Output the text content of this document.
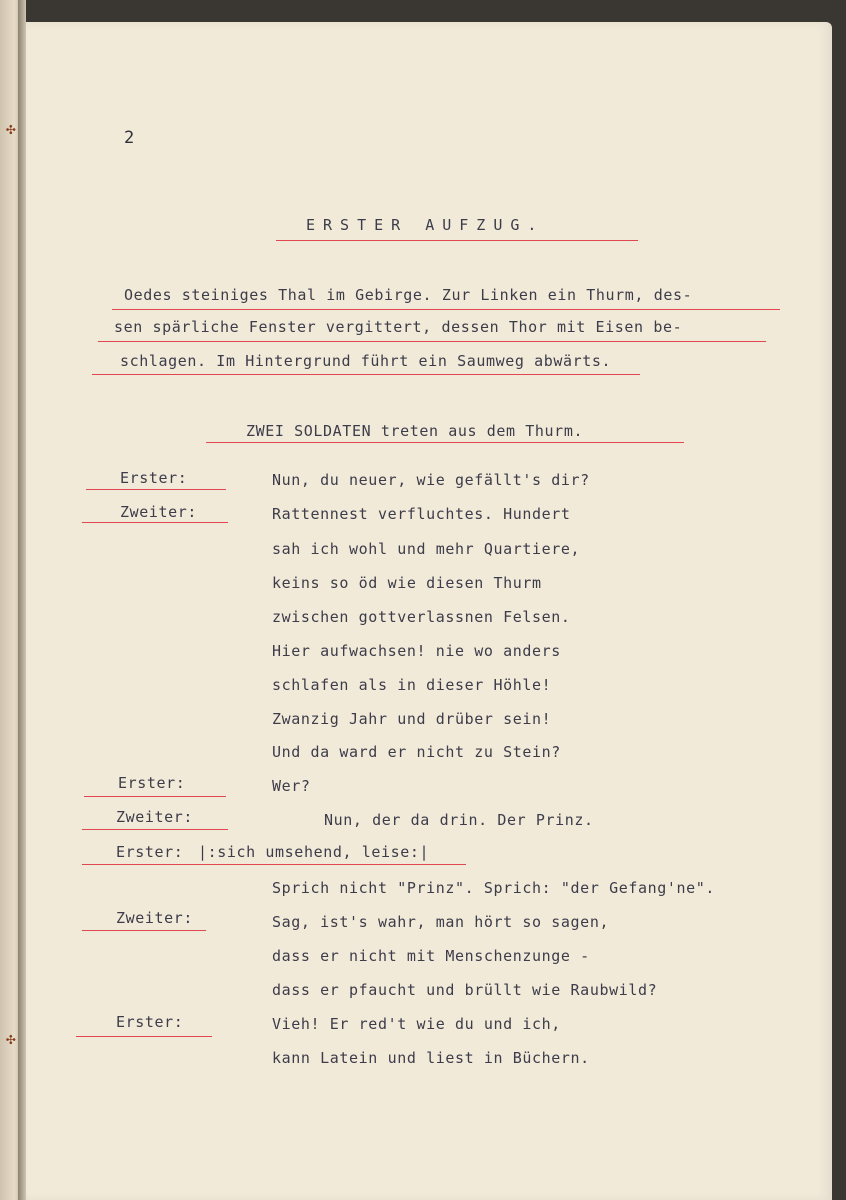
✣
✣
2
ERSTER AUFZUG.
Oedes steiniges Thal im Gebirge. Zur Linken ein Thurm, des-
sen spärliche Fenster vergittert, dessen Thor mit Eisen be-
schlagen. Im Hintergrund führt ein Saumweg abwärts.
ZWEI SOLDATEN treten aus dem Thurm.
Erster:
Zweiter:
Erster:
Zweiter:
Erster: |:sich umsehend, leise:|
Zweiter:
Erster:
Nun, du neuer, wie gefällt's dir?
Rattennest verfluchtes. Hundert
sah ich wohl und mehr Quartiere,
keins so öd wie diesen Thurm
zwischen gottverlassnen Felsen.
Hier aufwachsen! nie wo anders
schlafen als in dieser Höhle!
Zwanzig Jahr und drüber sein!
Und da ward er nicht zu Stein?
Wer?
Nun, der da drin. Der Prinz.
Sprich nicht "Prinz". Sprich: "der Gefang'ne".
Sag, ist's wahr, man hört so sagen,
dass er nicht mit Menschenzunge -
dass er pfaucht und brüllt wie Raubwild?
Vieh! Er red't wie du und ich,
kann Latein und liest in Büchern.
